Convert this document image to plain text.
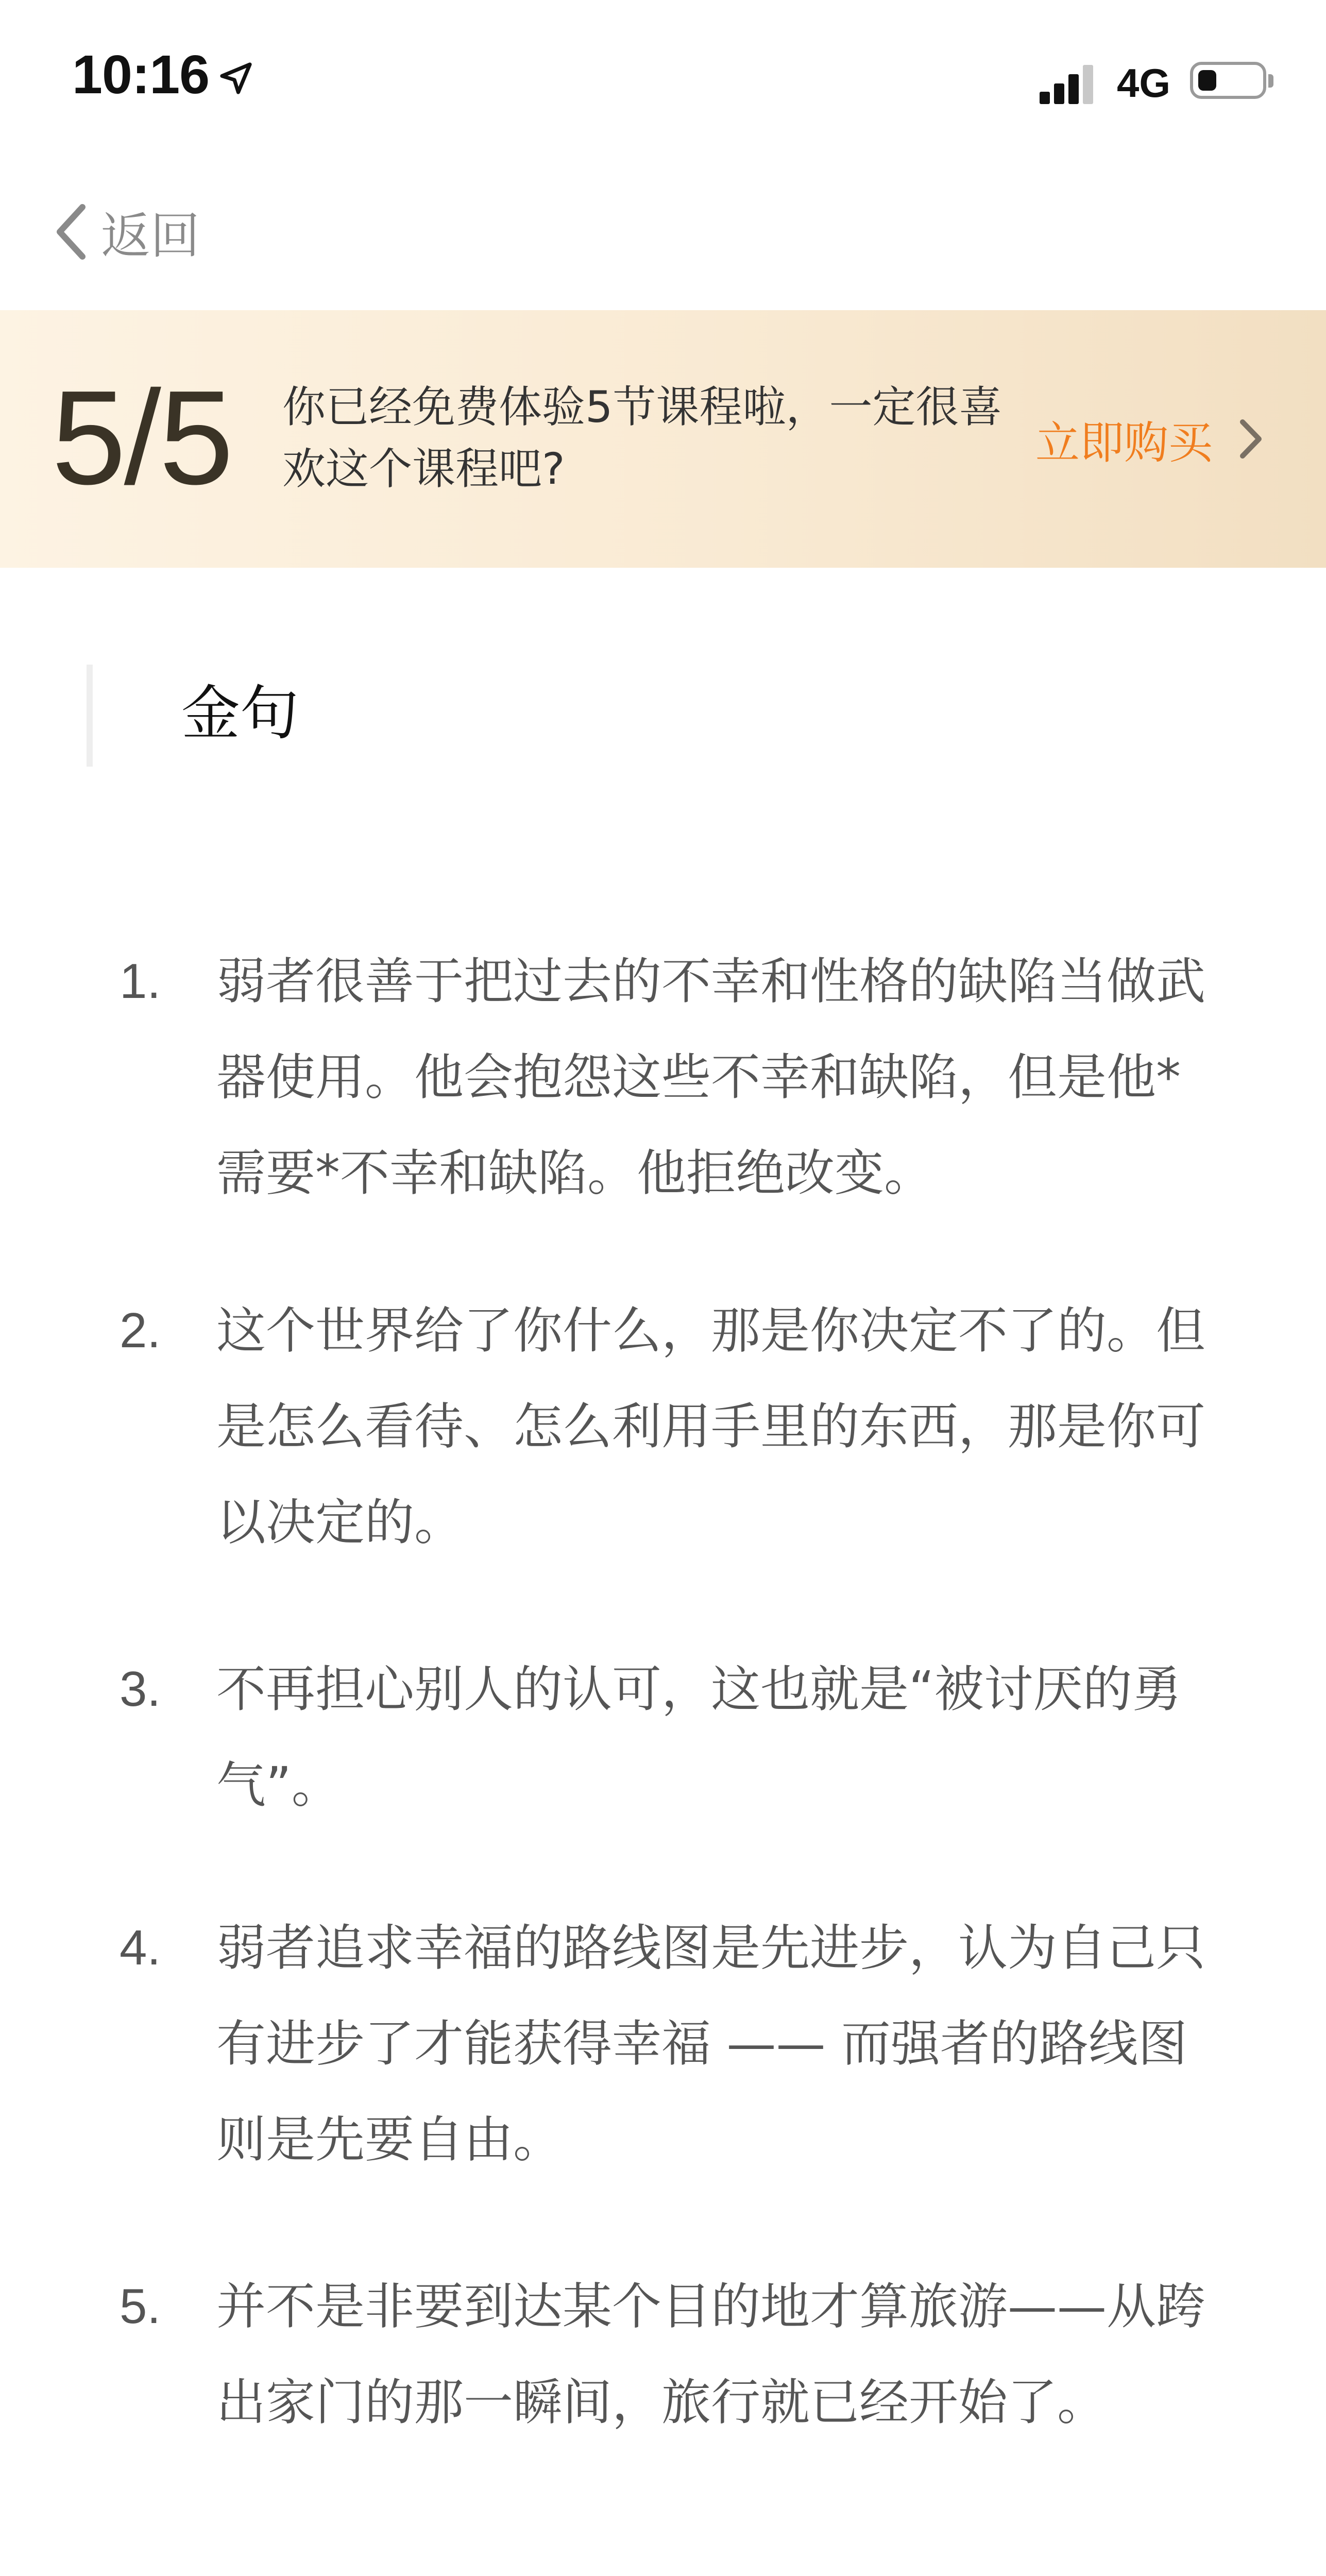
10:16	4G
返回
5/5 你已经免费体验5节课程啦，一定很喜欢这个课程吧?	立即购买
金句
1. 弱者很善于把过去的不幸和性格的缺陷当做武器使用。他会抱怨这些不幸和缺陷，但是他*需要*不幸和缺陷。他拒绝改变。
2. 这个世界给了你什么，那是你决定不了的。但是怎么看待、怎么利用手里的东西，那是你可以决定的。
3. 不再担心别人的认可，这也就是“被讨厌的勇气”。
4. 弱者追求幸福的路线图是先进步，认为自己只有进步了才能获得幸福 —— 而强者的路线图则是先要自由。
5. 并不是非要到达某个目的地才算旅游——从跨出家门的那一瞬间，旅行就已经开始了。
